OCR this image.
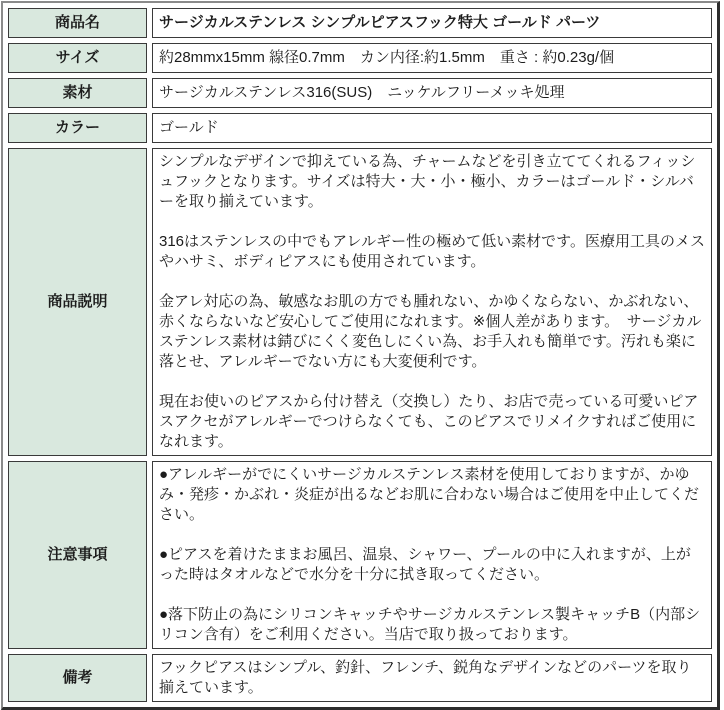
商品名	サージカルステンレス シンプルピアスフック特大 ゴールド パーツ
サイズ	約28mmx15mm 線径0.7mm　カン内径:約1.5mm　重さ : 約0.23g/個
素材	サージカルステンレス316(SUS)　ニッケルフリーメッキ処理
カラー	ゴールド
商品説明	シンプルなデザインで抑えている為、チャームなどを引き立ててくれるフィッシュフックとなります。サイズは特大・大・小・極小、カラーはゴールド・シルバーを取り揃えています。

316はステンレスの中でもアレルギー性の極めて低い素材です。医療用工具のメスやハサミ、ボディピアスにも使用されています。

金アレ対応の為、敏感なお肌の方でも腫れない、かゆくならない、かぶれない、赤くならないなど安心してご使用になれます。※個人差があります。　サージカルステンレス素材は錆びにくく変色しにくい為、お手入れも簡単です。汚れも楽に落とせ、アレルギーでない方にも大変便利です。

現在お使いのピアスから付け替え（交換し）たり、お店で売っている可愛いピアスアクセがアレルギーでつけらなくても、このピアスでリメイクすればご使用になれます。

注意事項	●アレルギーがでにくいサージカルステンレス素材を使用しておりますが、かゆみ・発疹・かぶれ・炎症が出るなどお肌に合わない場合はご使用を中止してください。

●ピアスを着けたままお風呂、温泉、シャワー、プールの中に入れますが、上がった時はタオルなどで水分を十分に拭き取ってください。

●落下防止の為にシリコンキャッチやサージカルステンレス製キャッチB（内部シリコン含有）をご利用ください。当店で取り扱っております。

備考	フックピアスはシンプル、釣針、フレンチ、鋭角なデザインなどのパーツを取り揃えています。
